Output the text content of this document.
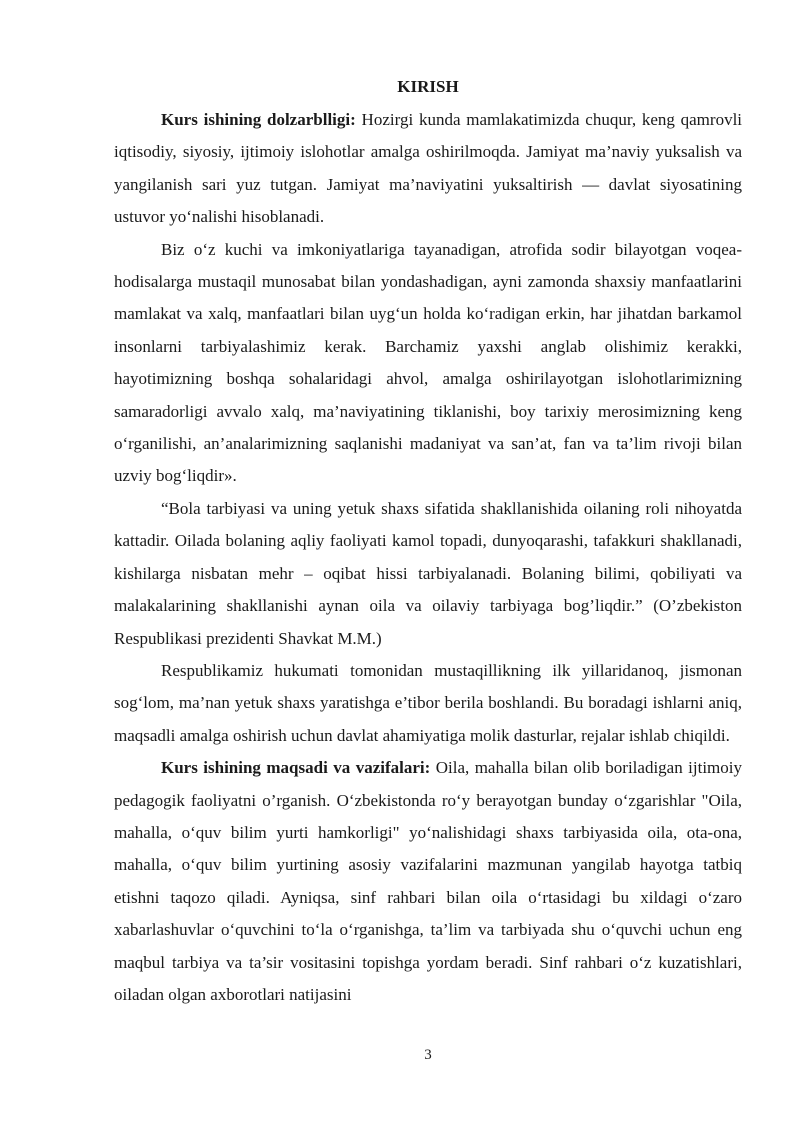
KIRISH

Kurs ishining dolzarblligi: Hozirgi kunda mamlakatimizda chuqur, keng qamrovli iqtisodiy, siyosiy, ijtimoiy islohotlar amalga oshirilmoqda. Jamiyat ma’naviy yuksalish va yangilanish sari yuz tutgan. Jamiyat ma’naviyatini yuksaltirish — davlat siyosatining ustuvor yo‘nalishi hisoblanadi.

Biz o‘z kuchi va imkoniyatlariga tayanadigan, atrofida sodir bilayotgan voqea-hodisalarga mustaqil munosabat bilan yondashadigan, ayni zamonda shaxsiy manfaatlarini mamlakat va xalq, manfaatlari bilan uyg‘un holda ko‘radigan erkin, har jihatdan barkamol insonlarni tarbiyalashimiz kerak. Barchamiz yaxshi anglab olishimiz kerakki, hayotimizning boshqa sohalaridagi ahvol, amalga oshirilayotgan islohotlarimizning samaradorligi avvalo xalq, ma’naviyatining tiklanishi, boy tarixiy merosimizning keng o‘rganilishi, an’analarimizning saqlanishi madaniyat va san’at, fan va ta’lim rivoji bilan uzviy bog‘liqdir».

“Bola tarbiyasi va uning yetuk shaxs sifatida shakllanishida oilaning roli nihoyatda kattadir. Oilada bolaning aqliy faoliyati kamol topadi, dunyoqarashi, tafakkuri shakllanadi, kishilarga nisbatan mehr – oqibat hissi tarbiyalanadi. Bolaning bilimi, qobiliyati va malakalarining shakllanishi aynan oila va oilaviy tarbiyaga bog’liqdir.” (O’zbekiston Respublikasi prezidenti Shavkat M.M.)

Respublikamiz hukumati tomonidan mustaqillikning ilk yillaridanoq, jismonan sog‘lom, ma’nan yetuk shaxs yaratishga e’tibor berila boshlandi. Bu boradagi ishlarni aniq, maqsadli amalga oshirish uchun davlat ahamiyatiga molik dasturlar, rejalar ishlab chiqildi.

Kurs ishining maqsadi va vazifalari: Oila, mahalla bilan olib boriladigan ijtimoiy pedagogik faoliyatni o’rganish. O‘zbekistonda ro‘y berayotgan bunday o‘zgarishlar "Oila, mahalla, o‘quv bilim yurti hamkorligi" yo‘nalishidagi shaxs tarbiyasida oila, ota-ona, mahalla, o‘quv bilim yurtining asosiy vazifalarini mazmunan yangilab hayotga tatbiq etishni taqozo qiladi. Ayniqsa, sinf rahbari bilan oila o‘rtasidagi bu xildagi o‘zaro xabarlashuvlar o‘quvchini to‘la o‘rganishga, ta’lim va tarbiyada shu o‘quvchi uchun eng maqbul tarbiya va ta’sir vositasini topishga yordam beradi. Sinf rahbari o‘z kuzatishlari, oiladan olgan axborotlari natijasini

3
